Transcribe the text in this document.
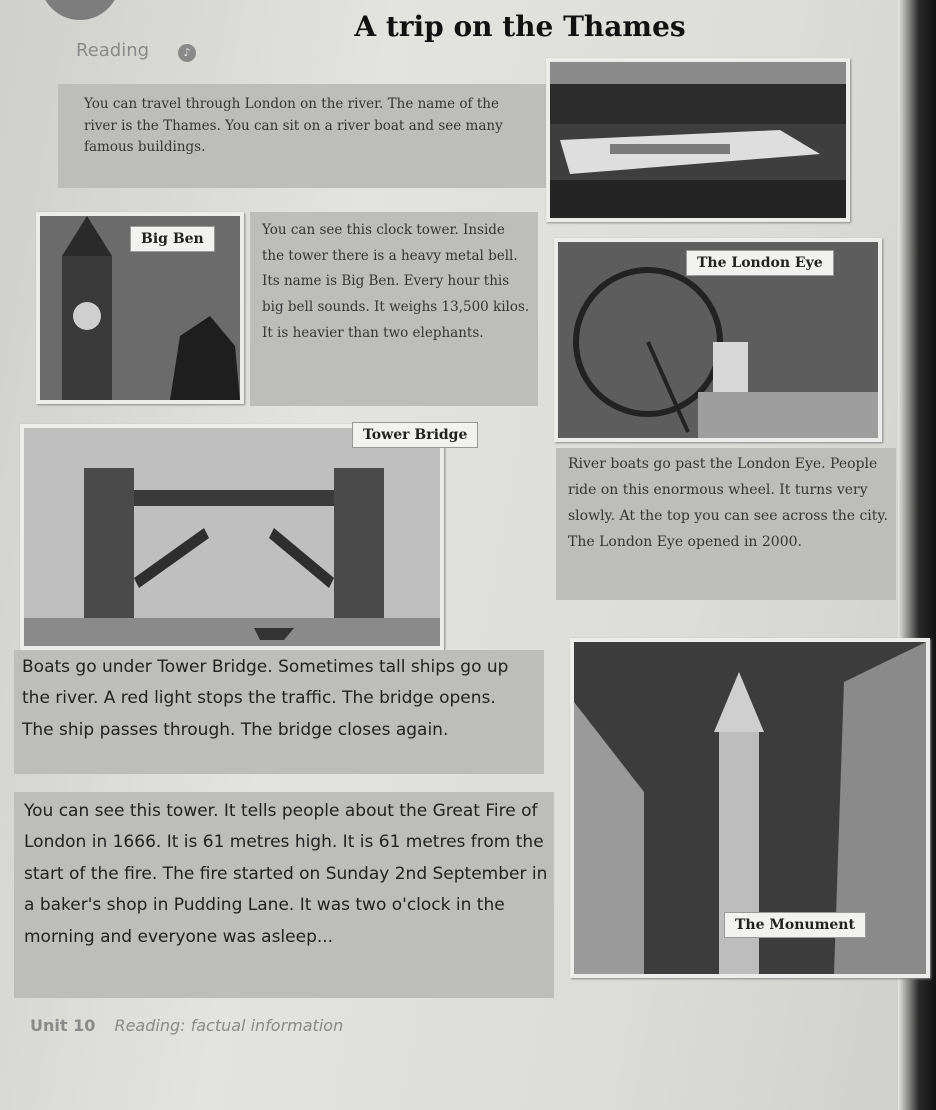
A trip on the Thames
Reading	♪
You can travel through London on the river. The name of the river is the Thames. You can sit on a river boat and see many famous buildings.
Big Ben
You can see this clock tower. Inside the tower there is a heavy metal bell. Its name is Big Ben. Every hour this big bell sounds. It weighs 13,500 kilos. It is heavier than two elephants.
The London Eye
Tower Bridge
River boats go past the London Eye. People ride on this enormous wheel. It turns very slowly. At the top you can see across the city. The London Eye opened in 2000.
Boats go under Tower Bridge. Sometimes tall ships go up the river. A red light stops the traffic. The bridge opens. The ship passes through. The bridge closes again.
The Monument
You can see this tower. It tells people about the Great Fire of London in 1666. It is 61 metres high. It is 61 metres from the start of the fire. The fire started on Sunday 2nd September in a baker's shop in Pudding Lane. It was two o'clock in the morning and everyone was asleep...
Unit 10 Reading: factual information
